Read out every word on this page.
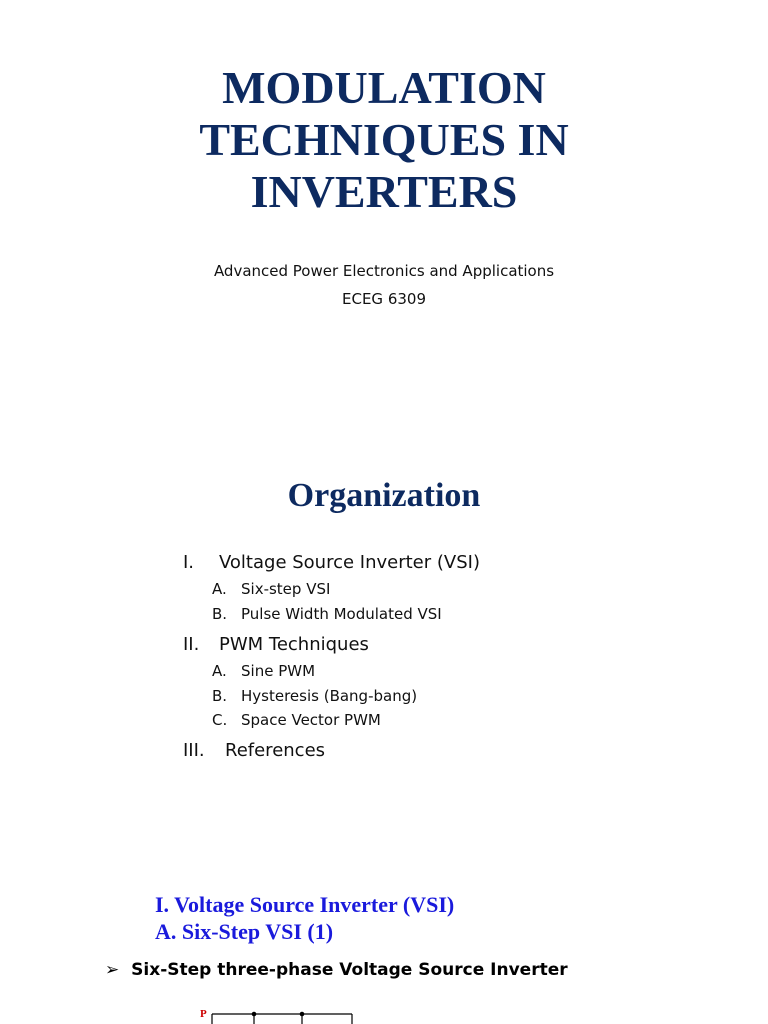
MODULATION
TECHNIQUES IN
INVERTERS
Advanced Power Electronics and Applications
ECEG 6309
Organization
I. Voltage Source Inverter (VSI)
A. Six-step VSI
B. Pulse Width Modulated VSI
II. PWM Techniques
A. Sine PWM
B. Hysteresis (Bang-bang)
C. Space Vector PWM
III. References
I. Voltage Source Inverter (VSI)
A. Six-Step VSI (1)
➢ Six-Step three-phase Voltage Source Inverter
P
